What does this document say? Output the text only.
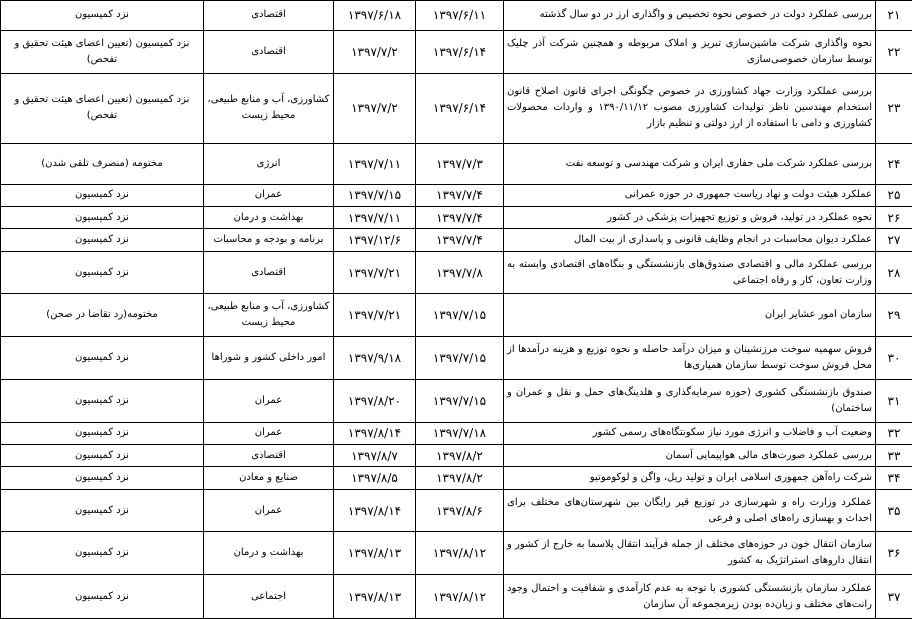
۲۱	بررسی عملکرد دولت در خصوص نحوه تخصیص و واگذاری ارز در دو سال گذشته	۱۳۹۷/۶/۱۱	۱۳۹۷/۶/۱۸	اقتصادی	نزد کمیسیون
۲۲	نحوه واگذاری شرکت ماشین‌سازی تبریز و املاک مربوطه و همچنین شرکت آذر چلیک توسط سازمان خصوصی‌سازی	۱۳۹۷/۶/۱۴	۱۳۹۷/۷/۲	اقتصادی	نزد کمیسیون (تعیین اعضای هیئت تحقیق و تفحص)
۲۳	بررسی عملکرد وزارت جهاد کشاورزی در خصوص چگونگی اجرای قانون اصلاح قانون استخدام مهندسین ناظر تولیدات کشاورزی مصوب ۱۳۹۰/۱۱/۱۲ و واردات محصولات کشاورزی و دامی با استفاده از ارز دولتی و تنظیم بازار	۱۳۹۷/۶/۱۴	۱۳۹۷/۷/۲	کشاورزی، آب و منابع طبیعی، محیط زیست	نزد کمیسیون (تعیین اعضای هیئت تحقیق و تفحص)
۲۴	بررسی عملکرد شرکت ملی حفاری ایران و شرکت مهندسی و توسعه نفت	۱۳۹۷/۷/۳	۱۳۹۷/۷/۱۱	انرژی	مختومه (منصرف تلقی شدن)
۲۵	عملکرد هیئت دولت و نهاد ریاست جمهوری در حوزه عمرانی	۱۳۹۷/۷/۴	۱۳۹۷/۷/۱۵	عمران	نزد کمیسیون
۲۶	نحوه عملکرد در تولید، فروش و توزیع تجهیزات پزشکی در کشور	۱۳۹۷/۷/۴	۱۳۹۷/۷/۱۱	بهداشت و درمان	نزد کمیسیون
۲۷	عملکرد دیوان محاسبات در انجام وظایف قانونی و پاسداری از بیت المال	۱۳۹۷/۷/۴	۱۳۹۷/۱۲/۶	برنامه و بودجه و محاسبات	نزد کمیسیون
۲۸	بررسی عملکرد مالی و اقتصادی صندوق‌های بازنشستگی و بنگاه‌های اقتصادی وابسته به وزارت تعاون، کار و رفاه اجتماعی	۱۳۹۷/۷/۸	۱۳۹۷/۷/۲۱	اقتصادی	نزد کمیسیون
۲۹	سازمان امور عشایر ایران	۱۳۹۷/۷/۱۵	۱۳۹۷/۷/۲۱	کشاورزی، آب و منابع طبیعی، محیط زیست	مختومه(رد تقاضا در صحن)
۳۰	فروش سهمیه سوخت مرزنشینان و میزان درآمد حاصله و نحوه توزیع و هزینه درآمدها از محل فروش سوخت توسط سازمان همیاری‌ها	۱۳۹۷/۷/۱۵	۱۳۹۷/۹/۱۸	امور داخلی کشور و شوراها	نزد کمیسیون
۳۱	صندوق بازنشستگی کشوری (حوزه سرمایه‌گذاری و هلدینگ‌های حمل و نقل و عمران و ساختمان)	۱۳۹۷/۷/۱۵	۱۳۹۷/۸/۲۰	عمران	نزد کمیسیون
۳۲	وضعیت آب و فاضلاب و انرژی مورد نیاز سکونتگاه‌های رسمی کشور	۱۳۹۷/۷/۱۸	۱۳۹۷/۸/۱۴	عمران	نزد کمیسیون
۳۳	بررسی عملکرد صورت‌های مالی هواپیمایی آسمان	۱۳۹۷/۸/۲	۱۳۹۷/۸/۷	اقتصادی	نزد کمیسیون
۳۴	شرکت راه‌آهن جمهوری اسلامی ایران و تولید ریل، واگن و لوکوموتیو	۱۳۹۷/۸/۲	۱۳۹۷/۸/۵	صنایع و معادن	نزد کمیسیون
۳۵	عملکرد وزارت راه و شهرسازی در توزیع قیر رایگان بین شهرستان‌های مختلف برای احداث و بهسازی راه‌های اصلی و فرعی	۱۳۹۷/۸/۶	۱۳۹۷/۸/۱۴	عمران	نزد کمیسیون
۳۶	سازمان انتقال خون در حوزه‌های مختلف از جمله فرآیند انتقال پلاسما به خارج از کشور و انتقال داروهای استراتژیک به کشور	۱۳۹۷/۸/۱۲	۱۳۹۷/۸/۱۳	بهداشت و درمان	نزد کمیسیون
۳۷	عملکرد سازمان بازنشستگی کشوری با توجه به عدم کارآمدی و شفافیت و احتمال وجود رانت‌های مختلف و زیان‌ده بودن زیرمجموعه آن سازمان	۱۳۹۷/۸/۱۲	۱۳۹۷/۸/۱۳	اجتماعی	نزد کمیسیون
